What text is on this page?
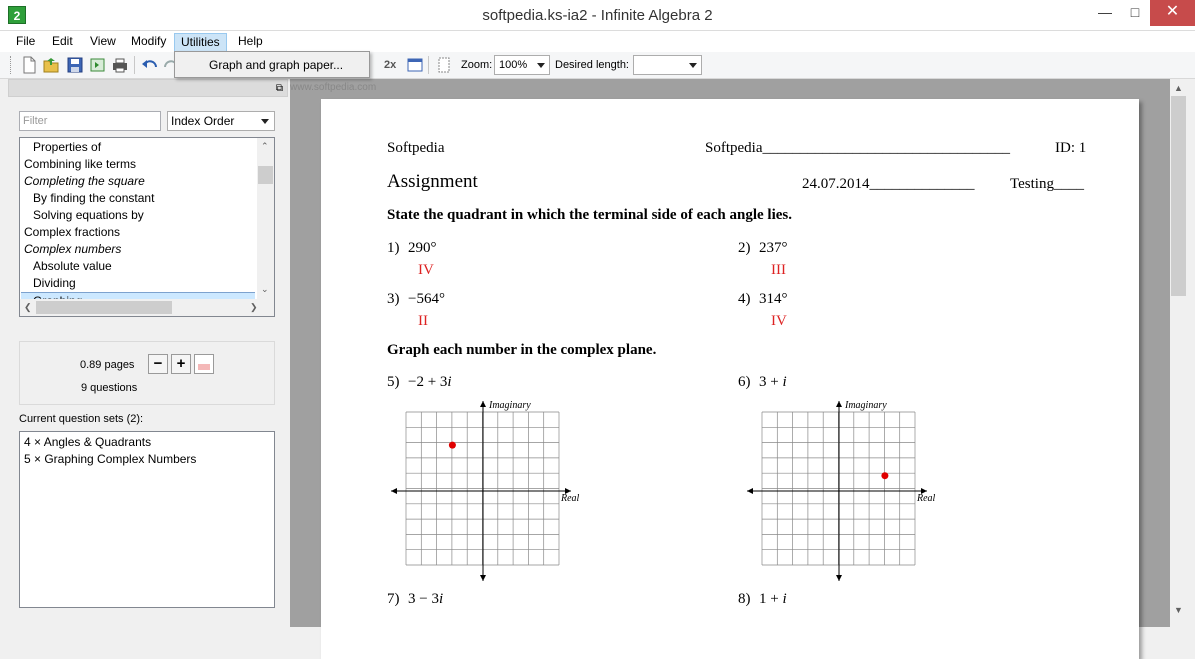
2	softpedia.ks-ia2 - Infinite Algebra 2	—	□	✕
File	Edit	View	Modify	Utilities	Help
2x	Zoom: 100%	Desired length:
Graph and graph paper...
⧉
Filter	Index Order
Properties of
Combining like terms
Completing the square
By finding the constant
Solving equations by
Complex fractions
Complex numbers
Absolute value
Dividing
⌃
⌄
❮	❯
0.89 pages
9 questions
− +
Current question sets (2):
4 × Angles & Quadrants
5 × Graphing Complex Numbers
Softpedia	Softpedia_________________________________	ID: 1
Assignment	24.07.2014______________ Testing____
State the quadrant in which the terminal side of each angle lies.
1) 290°
IV
2) 237°
III
3) −564°
II
4) 314°
IV
Graph each number in the complex plane.
5) −2 + 3i	6) 3 + i
Imaginary
Real
Imaginary
Real
7) 3 − 3i	8) 1 + i
www.softpedia.com	▲
▼
